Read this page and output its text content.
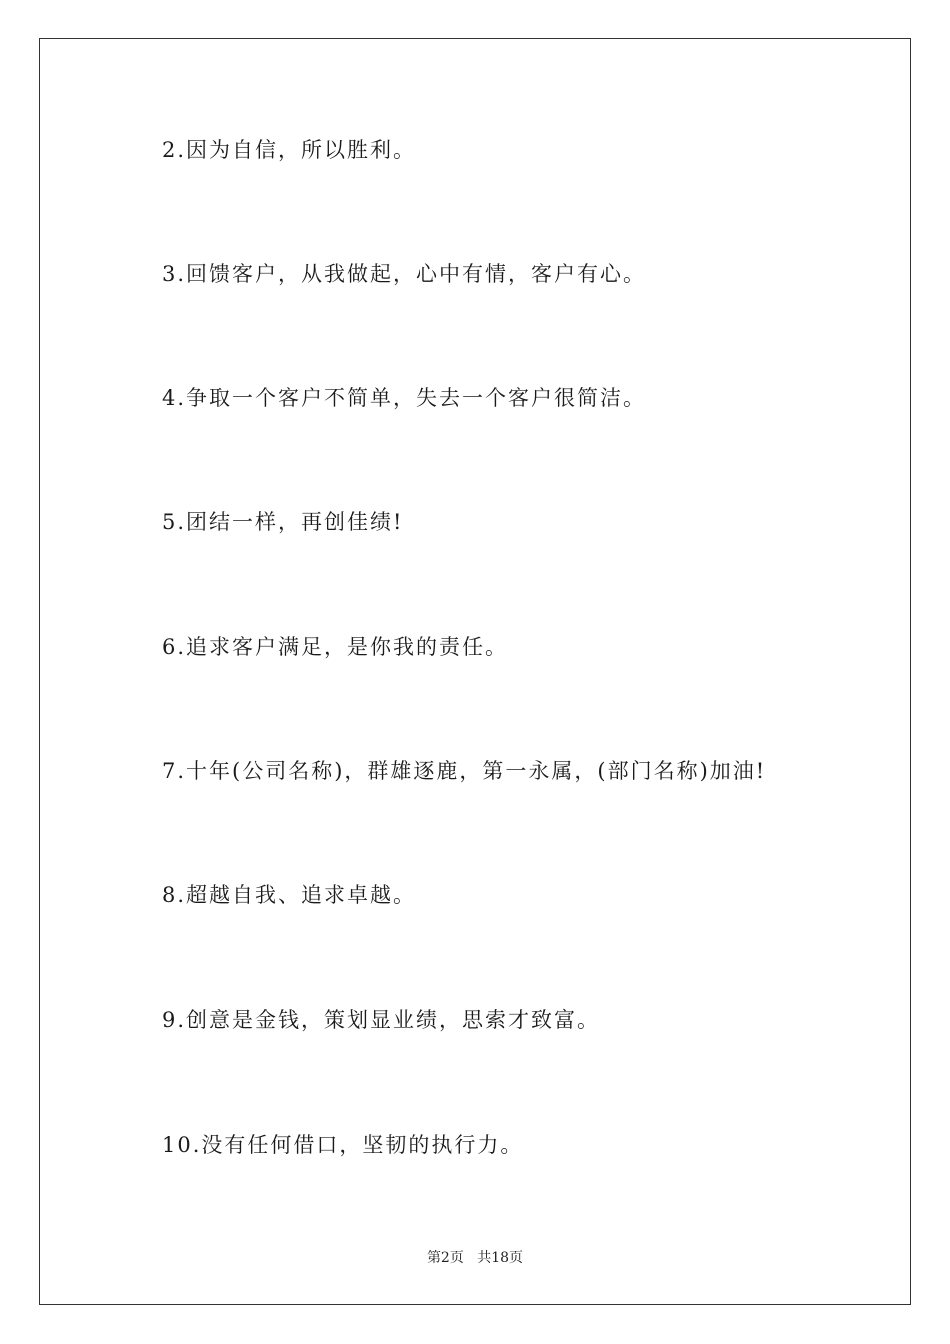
2.因为自信，所以胜利。
3.回馈客户，从我做起，心中有情，客户有心。
4.争取一个客户不简单，失去一个客户很简洁。
5.团结一样，再创佳绩!
6.追求客户满足，是你我的责任。
7.十年(公司名称)，群雄逐鹿，第一永属，(部门名称)加油!
8.超越自我、追求卓越。
9.创意是金钱，策划显业绩，思索才致富。
10.没有任何借口，坚韧的执行力。
第2页 共18页
